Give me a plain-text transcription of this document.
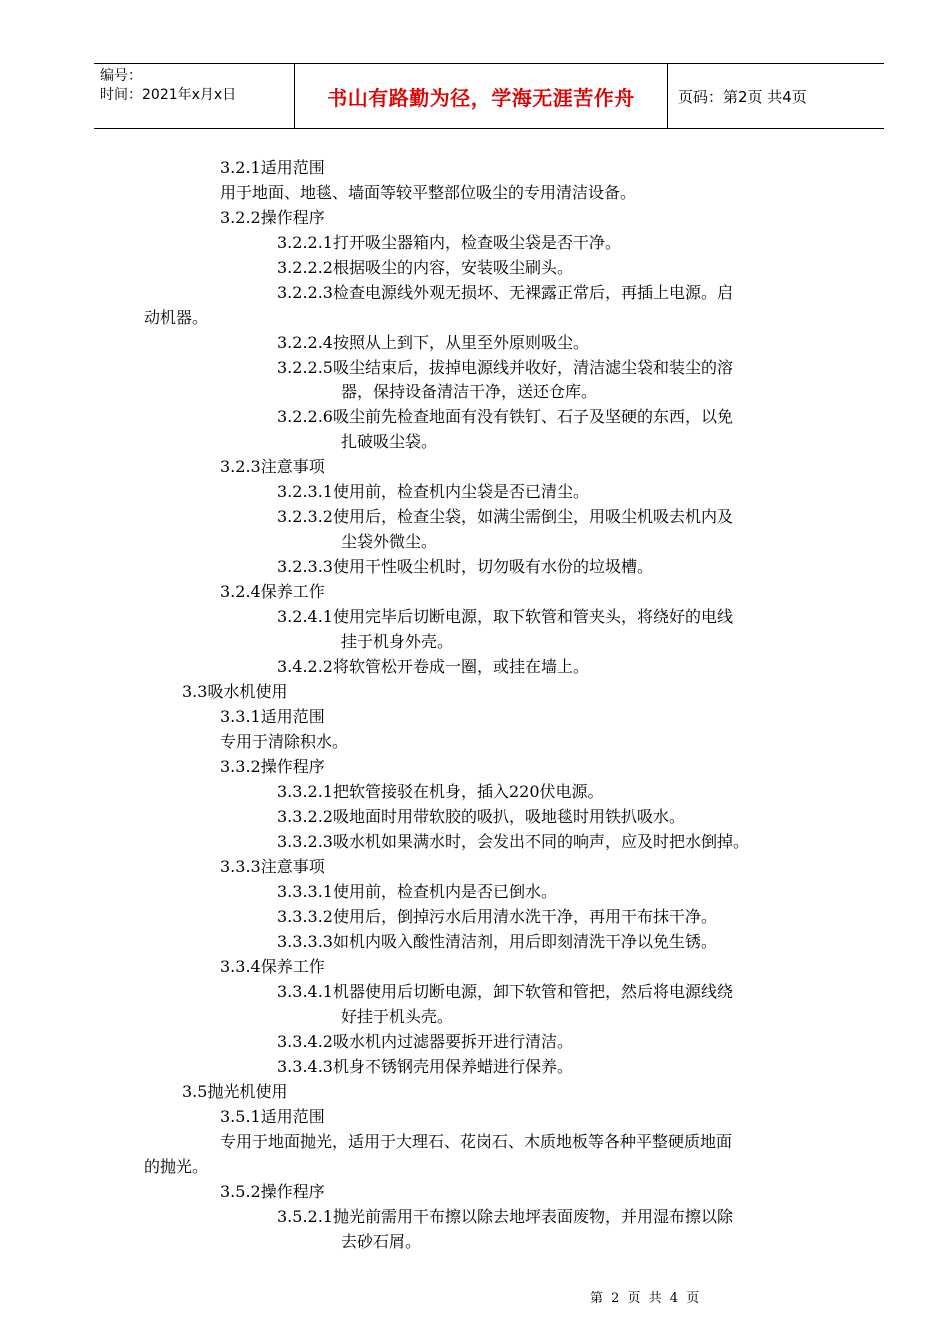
编号：
时间：2021年x月x日	书山有路勤为径，学海无涯苦作舟	页码：第2页 共4页
3.2.1适用范围
用于地面、地毯、墙面等较平整部位吸尘的专用清洁设备。
3.2.2操作程序
3.2.2.1打开吸尘器箱内，检查吸尘袋是否干净。
3.2.2.2根据吸尘的内容，安装吸尘刷头。
3.2.2.3检查电源线外观无损坏、无裸露正常后，再插上电源。启
动机器。
3.2.2.4按照从上到下，从里至外原则吸尘。
3.2.2.5吸尘结束后，拔掉电源线并收好，清洁滤尘袋和装尘的溶
器，保持设备清洁干净，送还仓库。
3.2.2.6吸尘前先检查地面有没有铁钉、石子及坚硬的东西，以免
扎破吸尘袋。
3.2.3注意事项
3.2.3.1使用前，检查机内尘袋是否已清尘。
3.2.3.2使用后，检查尘袋，如满尘需倒尘，用吸尘机吸去机内及
尘袋外微尘。
3.2.3.3使用干性吸尘机时，切勿吸有水份的垃圾槽。
3.2.4保养工作
3.2.4.1使用完毕后切断电源，取下软管和管夹头，将绕好的电线
挂于机身外壳。
3.4.2.2将软管松开卷成一圈，或挂在墙上。
3.3吸水机使用
3.3.1适用范围
专用于清除积水。
3.3.2操作程序
3.3.2.1把软管接驳在机身，插入220伏电源。
3.3.2.2吸地面时用带软胶的吸扒，吸地毯时用铁扒吸水。
3.3.2.3吸水机如果满水时，会发出不同的响声，应及时把水倒掉。
3.3.3注意事项
3.3.3.1使用前，检查机内是否已倒水。
3.3.3.2使用后，倒掉污水后用清水洗干净，再用干布抹干净。
3.3.3.3如机内吸入酸性清洁剂，用后即刻清洗干净以免生锈。
3.3.4保养工作
3.3.4.1机器使用后切断电源，卸下软管和管把，然后将电源线绕
好挂于机头壳。
3.3.4.2吸水机内过滤器要拆开进行清洁。
3.3.4.3机身不锈钢壳用保养蜡进行保养。
3.5抛光机使用
3.5.1适用范围
专用于地面抛光，适用于大理石、花岗石、木质地板等各种平整硬质地面
的抛光。
3.5.2操作程序
3.5.2.1抛光前需用干布擦以除去地坪表面废物，并用湿布擦以除
去砂石屑。
第 2 页 共 4 页
